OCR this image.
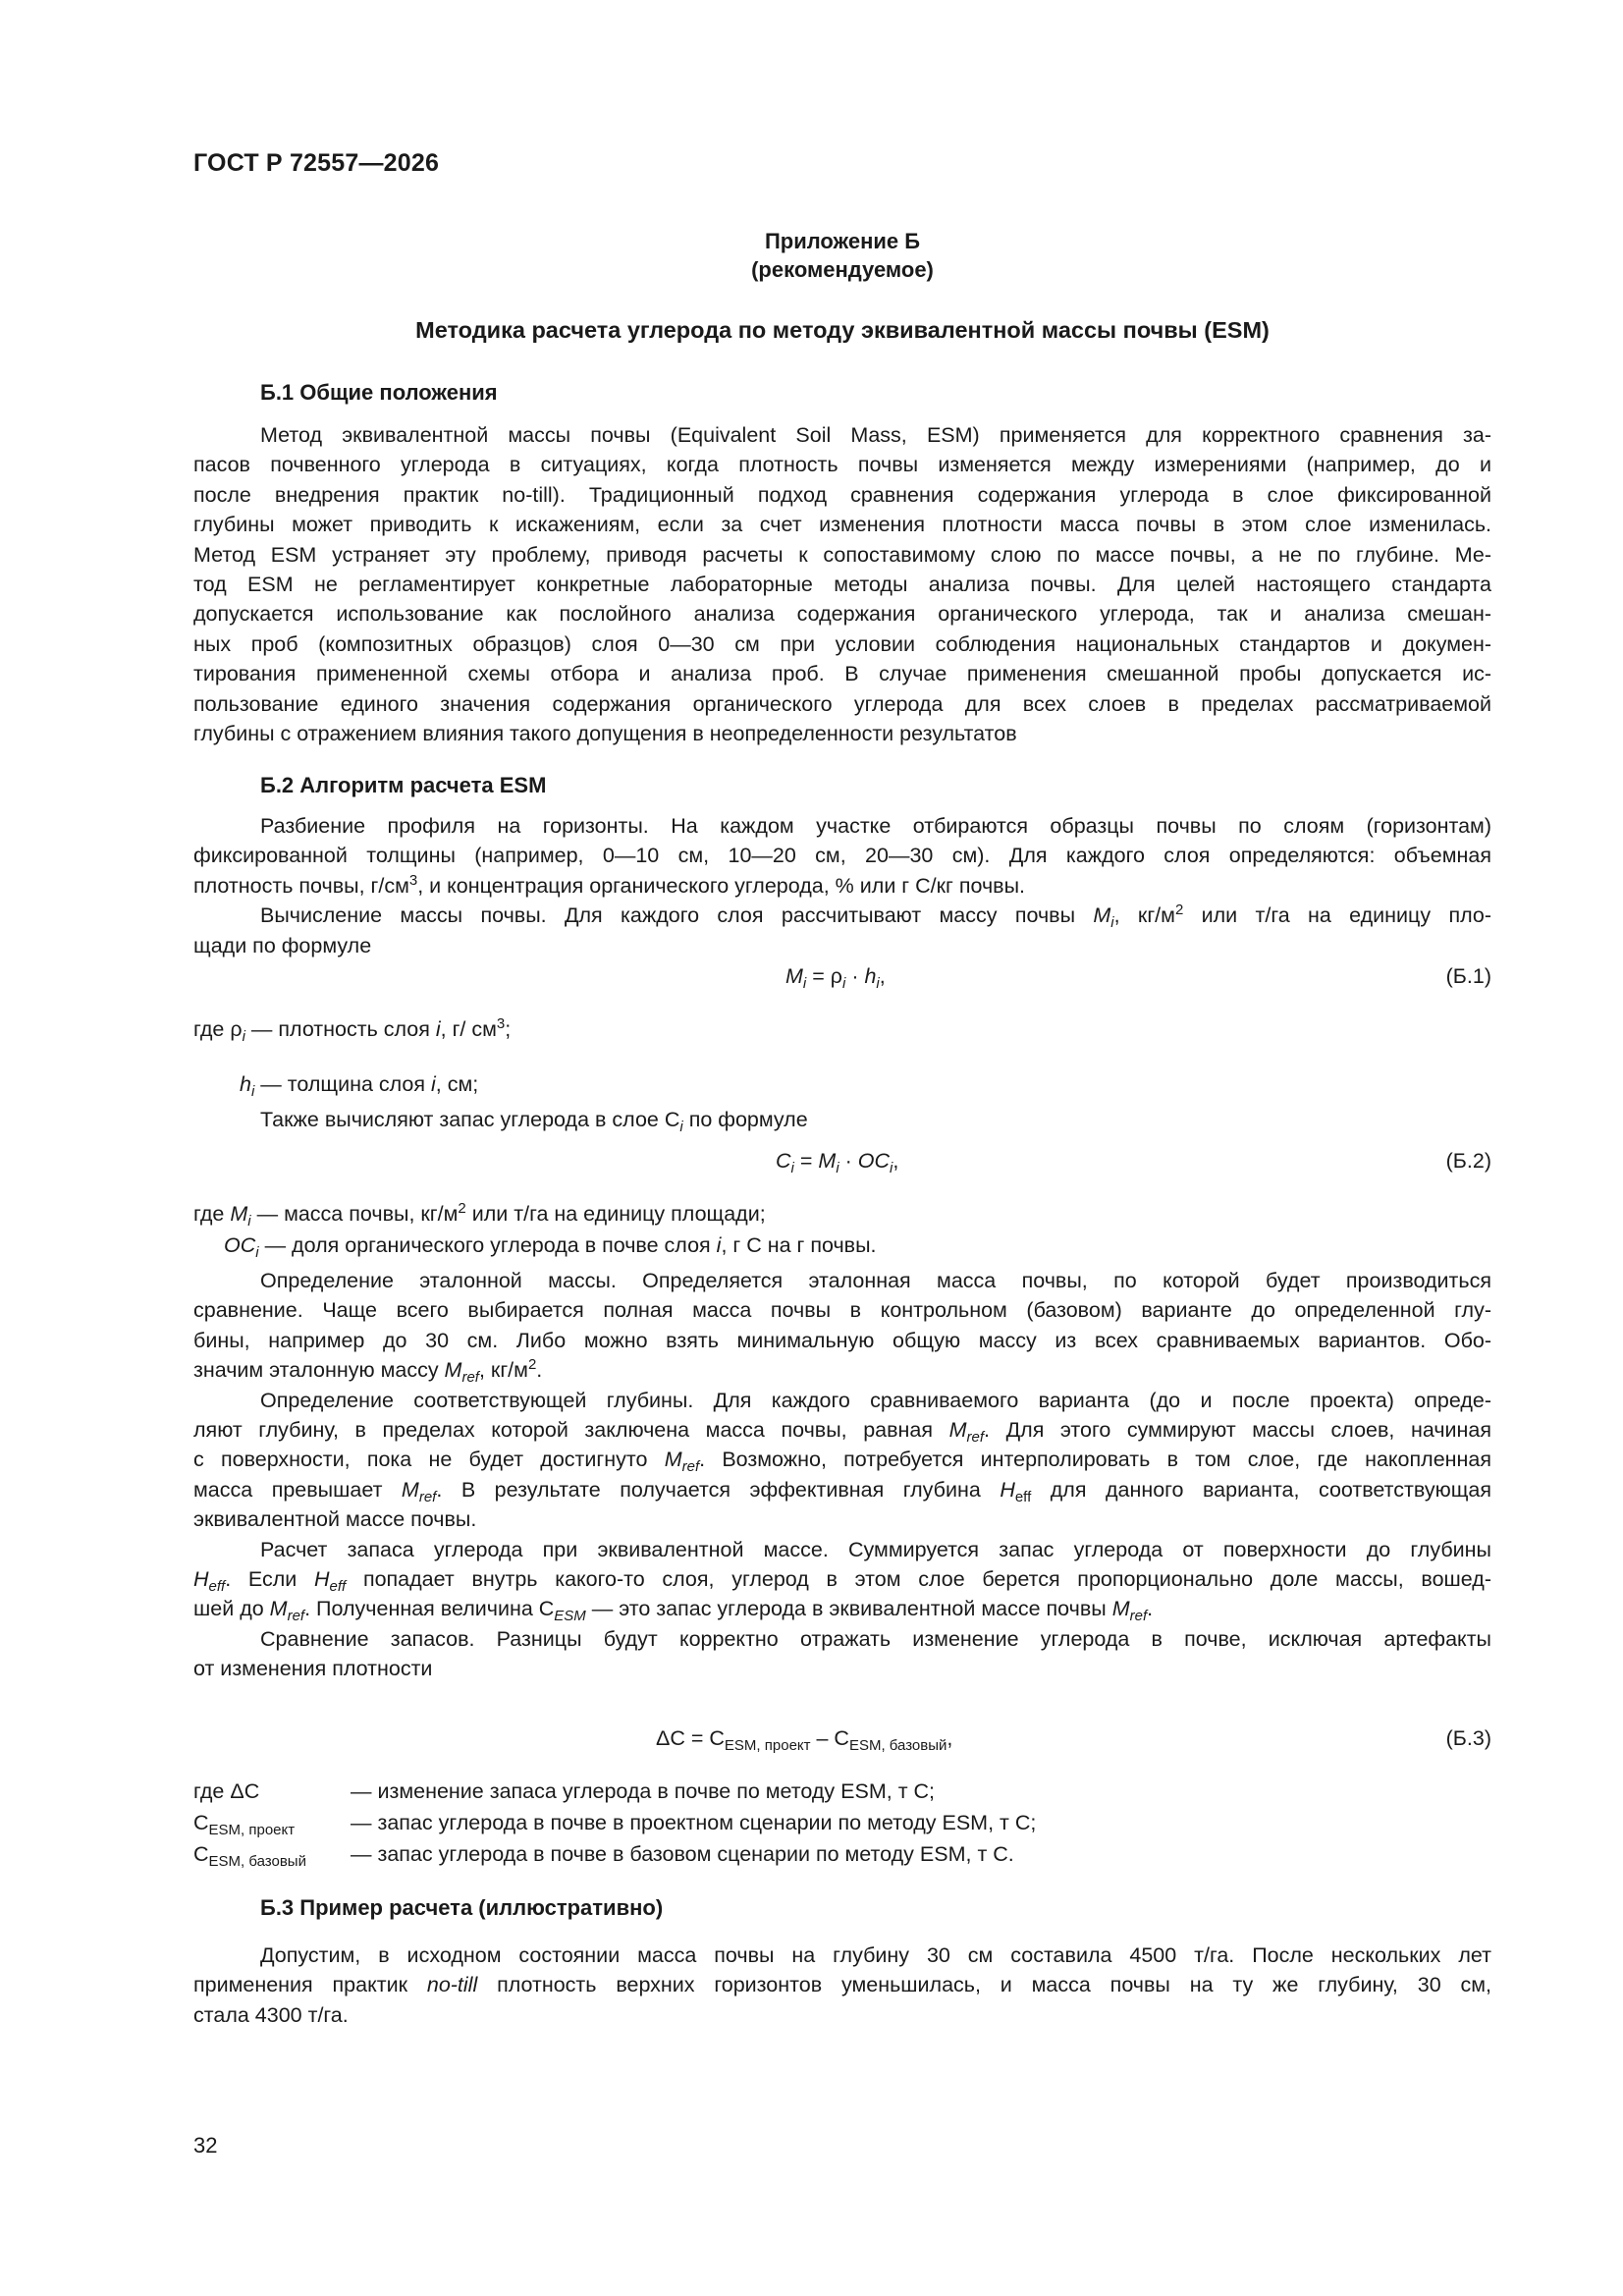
ГОСТ Р 72557—2026
Приложение Б
(рекомендуемое)
Методика расчета углерода по методу эквивалентной массы почвы (ESM)
Б.1 Общие положения
Метод эквивалентной массы почвы (Equivalent Soil Mass, ESM) применяется для корректного сравнения за-
пасов почвенного углерода в ситуациях, когда плотность почвы изменяется между измерениями (например, до и
после внедрения практик no-till). Традиционный подход сравнения содержания углерода в слое фиксированной
глубины может приводить к искажениям, если за счет изменения плотности масса почвы в этом слое изменилась.
Метод ESM устраняет эту проблему, приводя расчеты к сопоставимому слою по массе почвы, а не по глубине. Ме-
тод ESM не регламентирует конкретные лабораторные методы анализа почвы. Для целей настоящего стандарта
допускается использование как послойного анализа содержания органического углерода, так и анализа смешан-
ных проб (композитных образцов) слоя 0—30 см при условии соблюдения национальных стандартов и докумен-
тирования примененной схемы отбора и анализа проб. В случае применения смешанной пробы допускается ис-
пользование единого значения содержания органического углерода для всех слоев в пределах рассматриваемой
глубины с отражением влияния такого допущения в неопределенности результатов
Б.2 Алгоритм расчета ESM
Разбиение профиля на горизонты. На каждом участке отбираются образцы почвы по слоям (горизонтам)
фиксированной толщины (например, 0—10 см, 10—20 см, 20—30 см). Для каждого слоя определяются: объемная
плотность почвы, $г/см^3$, и концентрация органического углерода, % или г С/кг почвы.
Вычисление массы почвы. Для каждого слоя рассчитывают массу почвы $M_i$, $кг/м^2$ или т/га на единицу пло-
щади по формуле
$M_i = \rho_i \cdot h_i$,	(Б.1)
где $\rho_i$ — плотность слоя i, г/ $см^3$;
$h_i$ — толщина слоя i, см;
Также вычисляют запас углерода в слое $C_i$ по формуле
$C_i = M_i \cdot OC_i$,	(Б.2)
где $M_i$ — масса почвы, $кг/м^2$ или т/га на единицу площади;
$OC_i$ — доля органического углерода в почве слоя i, г С на г почвы.
Определение эталонной массы. Определяется эталонная масса почвы, по которой будет производиться
сравнение. Чаще всего выбирается полная масса почвы в контрольном (базовом) варианте до определенной глу-
бины, например до 30 см. Либо можно взять минимальную общую массу из всех сравниваемых вариантов. Обо-
значим эталонную массу $M_{ref}$, $кг/м^2$.
Определение соответствующей глубины. Для каждого сравниваемого варианта (до и после проекта) опреде-
ляют глубину, в пределах которой заключена масса почвы, равная $M_{ref}$. Для этого суммируют массы слоев, начиная
с поверхности, пока не будет достигнуто $M_{ref}$. Возможно, потребуется интерполировать в том слое, где накопленная
масса превышает $M_{ref}$. В результате получается эффективная глубина $H_{eff}$ для данного варианта, соответствующая
эквивалентной массе почвы.
Расчет запаса углерода при эквивалентной массе. Суммируется запас углерода от поверхности до глубины
$H_{eff}$. Если $H_{eff}$ попадает внутрь какого-то слоя, углерод в этом слое берется пропорционально доле массы, вошед-
шей до $M_{ref}$. Полученная величина $C_{ESM}$ — это запас углерода в эквивалентной массе почвы $M_{ref}$.
Сравнение запасов. Разницы будут корректно отражать изменение углерода в почве, исключая артефакты
от изменения плотности
$\Delta C = C_{ESM, проект} - C_{ESM, базовый}$,	(Б.3)
где ΔC	— изменение запаса углерода в почве по методу ESM, т С;
$C_{ESM, проект}$	— запас углерода в почве в проектном сценарии по методу ESM, т С;
$C_{ESM, базовый}$ — запас углерода в почве в базовом сценарии по методу ESM, т С.
Б.3 Пример расчета (иллюстративно)
Допустим, в исходном состоянии масса почвы на глубину 30 см составила 4500 т/га. После нескольких лет
применения практик no-till плотность верхних горизонтов уменьшилась, и масса почвы на ту же глубину, 30 см,
стала 4300 т/га.
32
